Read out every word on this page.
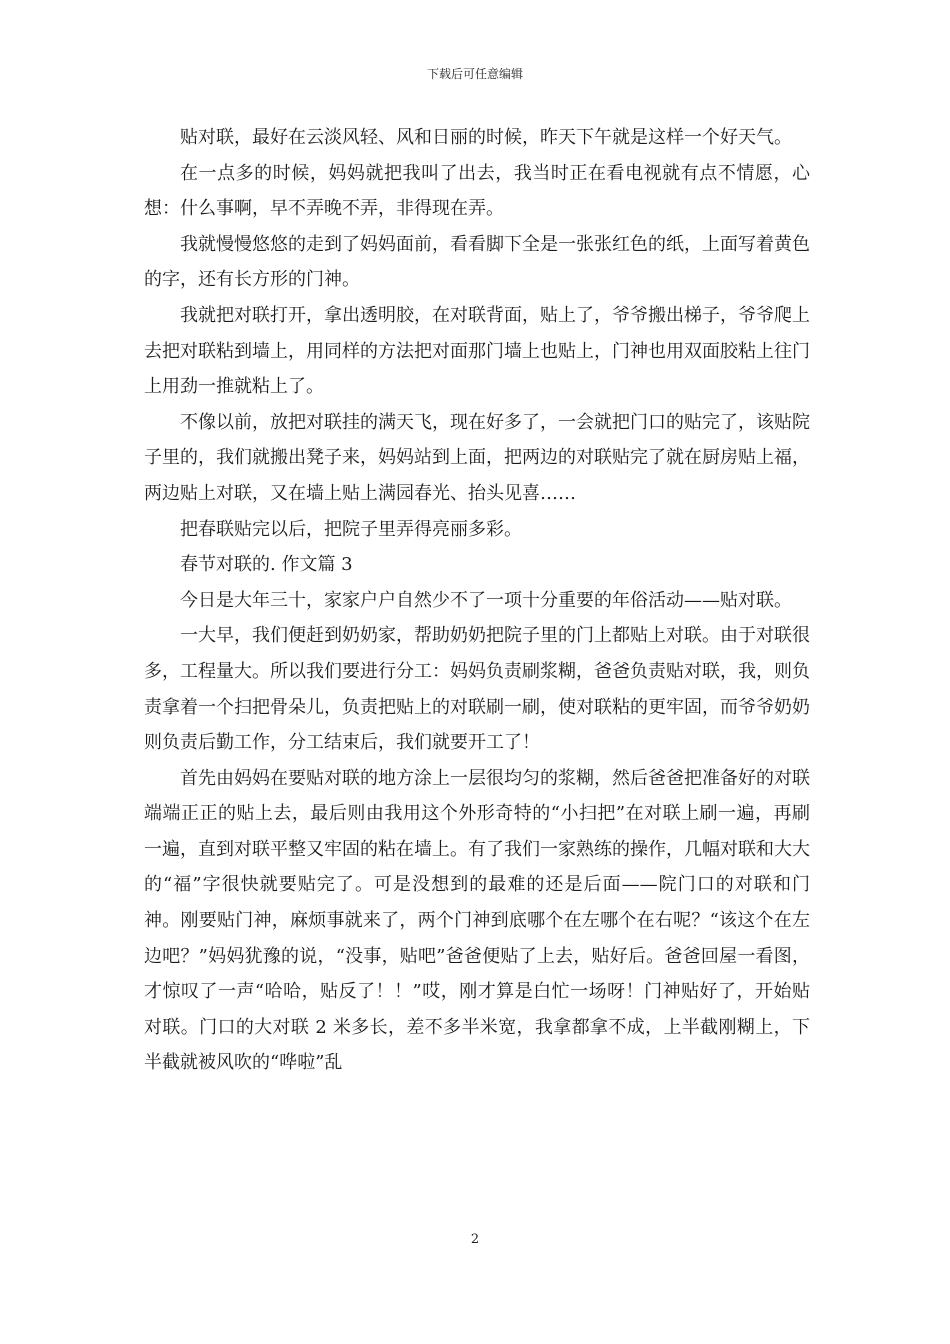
下载后可任意编辑

贴对联，最好在云淡风轻、风和日丽的时候，昨天下午就是这样一个好天气。

在一点多的时候，妈妈就把我叫了出去，我当时正在看电视就有点不情愿，心想：什么事啊，早不弄晚不弄，非得现在弄。

我就慢慢悠悠的走到了妈妈面前，看看脚下全是一张张红色的纸，上面写着黄色的字，还有长方形的门神。

我就把对联打开，拿出透明胶，在对联背面，贴上了，爷爷搬出梯子，爷爷爬上去把对联粘到墙上，用同样的方法把对面那门墙上也贴上，门神也用双面胶粘上往门上用劲一推就粘上了。

不像以前，放把对联挂的满天飞，现在好多了，一会就把门口的贴完了，该贴院子里的，我们就搬出凳子来，妈妈站到上面，把两边的对联贴完了就在厨房贴上福，两边贴上对联，又在墙上贴上满园春光、抬头见喜……

把春联贴完以后，把院子里弄得亮丽多彩。

春节对联的. 作文篇 3

今日是大年三十，家家户户自然少不了一项十分重要的年俗活动——贴对联。

一大早，我们便赶到奶奶家，帮助奶奶把院子里的门上都贴上对联。由于对联很多，工程量大。所以我们要进行分工：妈妈负责刷浆糊，爸爸负责贴对联，我，则负责拿着一个扫把骨朵儿，负责把贴上的对联刷一刷，使对联粘的更牢固，而爷爷奶奶则负责后勤工作，分工结束后，我们就要开工了！

首先由妈妈在要贴对联的地方涂上一层很均匀的浆糊，然后爸爸把准备好的对联端端正正的贴上去，最后则由我用这个外形奇特的“小扫把”在对联上刷一遍，再刷一遍，直到对联平整又牢固的粘在墙上。有了我们一家熟练的操作，几幅对联和大大的“福”字很快就要贴完了。可是没想到的最难的还是后面——院门口的对联和门神。刚要贴门神，麻烦事就来了，两个门神到底哪个在左哪个在右呢？“该这个在左边吧？”妈妈犹豫的说，“没事，贴吧”爸爸便贴了上去，贴好后。爸爸回屋一看图，才惊叹了一声“哈哈，贴反了！！”哎，刚才算是白忙一场呀！门神贴好了，开始贴对联。门口的大对联 2 米多长，差不多半米宽，我拿都拿不成，上半截刚糊上，下半截就被风吹的“哗啦”乱

2
